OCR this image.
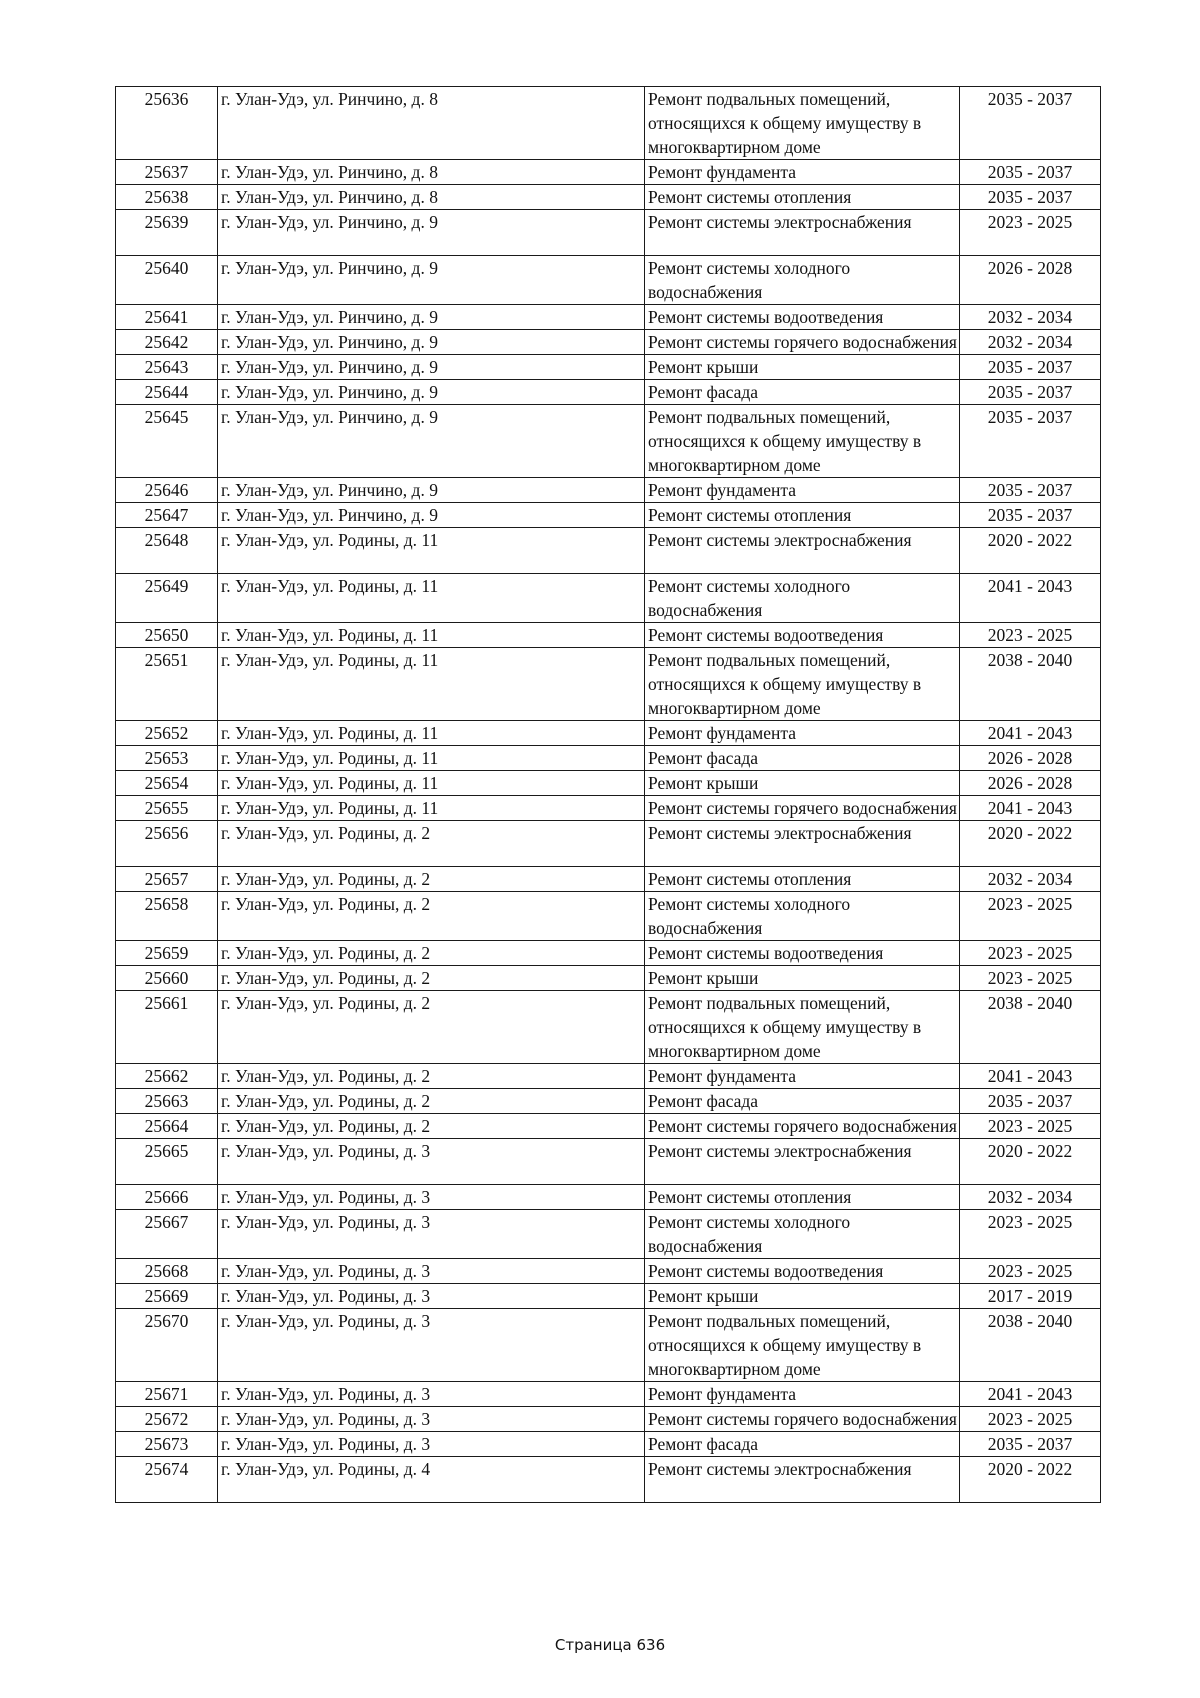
25636	г. Улан-Удэ, ул. Ринчино, д. 8	Ремонт подвальных помещений, относящихся к общему имуществу в многоквартирном доме	2035 - 2037
25637	г. Улан-Удэ, ул. Ринчино, д. 8	Ремонт фундамента	2035 - 2037
25638	г. Улан-Удэ, ул. Ринчино, д. 8	Ремонт системы отопления	2035 - 2037
25639	г. Улан-Удэ, ул. Ринчино, д. 9	Ремонт системы электроснабжения	2023 - 2025
25640	г. Улан-Удэ, ул. Ринчино, д. 9	Ремонт системы холодного водоснабжения	2026 - 2028
25641	г. Улан-Удэ, ул. Ринчино, д. 9	Ремонт системы водоотведения	2032 - 2034
25642	г. Улан-Удэ, ул. Ринчино, д. 9	Ремонт системы горячего водоснабжения	2032 - 2034
25643	г. Улан-Удэ, ул. Ринчино, д. 9	Ремонт крыши	2035 - 2037
25644	г. Улан-Удэ, ул. Ринчино, д. 9	Ремонт фасада	2035 - 2037
25645	г. Улан-Удэ, ул. Ринчино, д. 9	Ремонт подвальных помещений, относящихся к общему имуществу в многоквартирном доме	2035 - 2037
25646	г. Улан-Удэ, ул. Ринчино, д. 9	Ремонт фундамента	2035 - 2037
25647	г. Улан-Удэ, ул. Ринчино, д. 9	Ремонт системы отопления	2035 - 2037
25648	г. Улан-Удэ, ул. Родины, д. 11	Ремонт системы электроснабжения	2020 - 2022
25649	г. Улан-Удэ, ул. Родины, д. 11	Ремонт системы холодного водоснабжения	2041 - 2043
25650	г. Улан-Удэ, ул. Родины, д. 11	Ремонт системы водоотведения	2023 - 2025
25651	г. Улан-Удэ, ул. Родины, д. 11	Ремонт подвальных помещений, относящихся к общему имуществу в многоквартирном доме	2038 - 2040
25652	г. Улан-Удэ, ул. Родины, д. 11	Ремонт фундамента	2041 - 2043
25653	г. Улан-Удэ, ул. Родины, д. 11	Ремонт фасада	2026 - 2028
25654	г. Улан-Удэ, ул. Родины, д. 11	Ремонт крыши	2026 - 2028
25655	г. Улан-Удэ, ул. Родины, д. 11	Ремонт системы горячего водоснабжения	2041 - 2043
25656	г. Улан-Удэ, ул. Родины, д. 2	Ремонт системы электроснабжения	2020 - 2022
25657	г. Улан-Удэ, ул. Родины, д. 2	Ремонт системы отопления	2032 - 2034
25658	г. Улан-Удэ, ул. Родины, д. 2	Ремонт системы холодного водоснабжения	2023 - 2025
25659	г. Улан-Удэ, ул. Родины, д. 2	Ремонт системы водоотведения	2023 - 2025
25660	г. Улан-Удэ, ул. Родины, д. 2	Ремонт крыши	2023 - 2025
25661	г. Улан-Удэ, ул. Родины, д. 2	Ремонт подвальных помещений, относящихся к общему имуществу в многоквартирном доме	2038 - 2040
25662	г. Улан-Удэ, ул. Родины, д. 2	Ремонт фундамента	2041 - 2043
25663	г. Улан-Удэ, ул. Родины, д. 2	Ремонт фасада	2035 - 2037
25664	г. Улан-Удэ, ул. Родины, д. 2	Ремонт системы горячего водоснабжения	2023 - 2025
25665	г. Улан-Удэ, ул. Родины, д. 3	Ремонт системы электроснабжения	2020 - 2022
25666	г. Улан-Удэ, ул. Родины, д. 3	Ремонт системы отопления	2032 - 2034
25667	г. Улан-Удэ, ул. Родины, д. 3	Ремонт системы холодного водоснабжения	2023 - 2025
25668	г. Улан-Удэ, ул. Родины, д. 3	Ремонт системы водоотведения	2023 - 2025
25669	г. Улан-Удэ, ул. Родины, д. 3	Ремонт крыши	2017 - 2019
25670	г. Улан-Удэ, ул. Родины, д. 3	Ремонт подвальных помещений, относящихся к общему имуществу в многоквартирном доме	2038 - 2040
25671	г. Улан-Удэ, ул. Родины, д. 3	Ремонт фундамента	2041 - 2043
25672	г. Улан-Удэ, ул. Родины, д. 3	Ремонт системы горячего водоснабжения	2023 - 2025
25673	г. Улан-Удэ, ул. Родины, д. 3	Ремонт фасада	2035 - 2037
25674	г. Улан-Удэ, ул. Родины, д. 4	Ремонт системы электроснабжения	2020 - 2022
Страница 636
